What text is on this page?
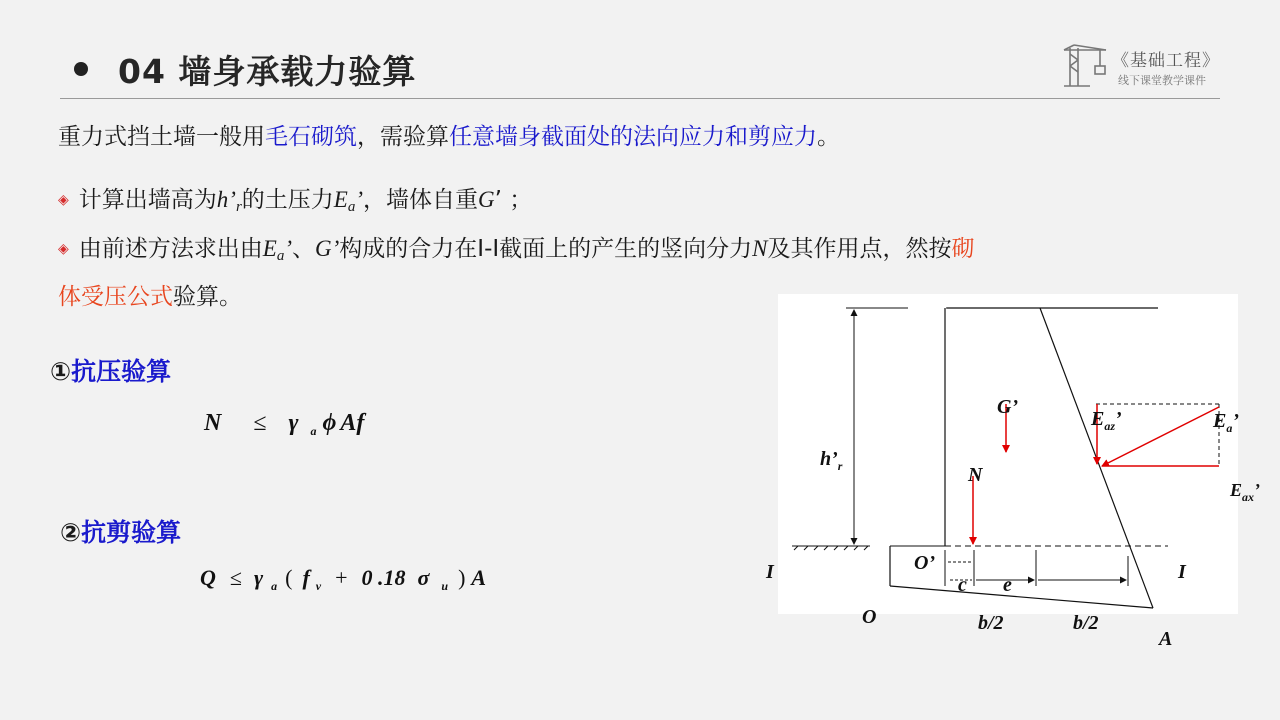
04 墙身承载力验算	《基础工程》
线下课堂教学课件
重力式挡土墙一般用毛石砌筑，需验算任意墙身截面处的法向应力和剪应力。
◈ 计算出墙高为$h’_r$的土压力$E_a$’，墙体自重G’ ；
◈ 由前述方法求出由$E_a$’、G’构成的合力在Ⅰ-Ⅰ截面上的产生的竖向分力N及其作用点，然按砌
体受压公式验算。
①抗压验算
N ≤ γ $_a$ ϕ Af
②抗剪验算
Q ≤ γ $_a$ ( f $_v$ + 0 .18 σ $_u$ ) A
G’
$E_{az}$’	$E_a$’
$E_{ax}$’
$h’_r$	N
I	I
O’
c e
O	b/2	b/2
A
